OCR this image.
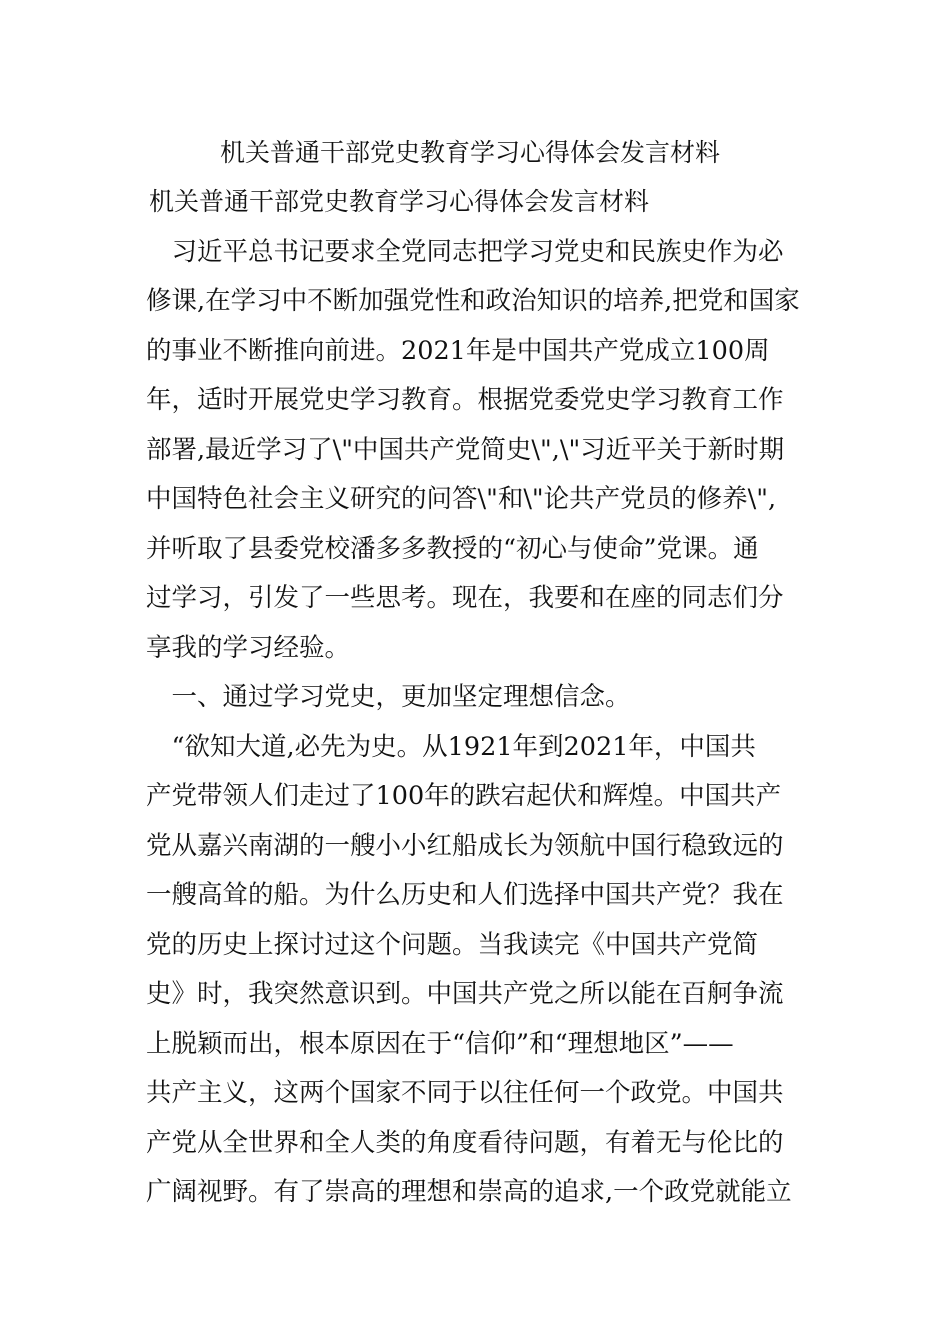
机关普通干部党史教育学习心得体会发言材料
机关普通干部党史教育学习心得体会发言材料

　习近平总书记要求全党同志把学习党史和民族史作为必

修课,在学习中不断加强党性和政治知识的培养,把党和国家

的事业不断推向前进。2021年是中国共产党成立100周

年，适时开展党史学习教育。根据党委党史学习教育工作

部署,最近学习了\"中国共产党简史\",\"习近平关于新时期

中国特色社会主义研究的问答\"和\"论共产党员的修养\",

并听取了县委党校潘多多教授的“初心与使命”党课。通

过学习，引发了一些思考。现在，我要和在座的同志们分

享我的学习经验。

　一、通过学习党史，更加坚定理想信念。

　“欲知大道,必先为史。从1921年到2021年，中国共

产党带领人们走过了100年的跌宕起伏和辉煌。中国共产

党从嘉兴南湖的一艘小小红船成长为领航中国行稳致远的

一艘高耸的船。为什么历史和人们选择中国共产党？我在

党的历史上探讨过这个问题。当我读完《中国共产党简

史》时，我突然意识到。中国共产党之所以能在百舸争流

上脱颖而出，根本原因在于“信仰”和“理想地区”——

共产主义，这两个国家不同于以往任何一个政党。中国共

产党从全世界和全人类的角度看待问题，有着无与伦比的

广阔视野。有了崇高的理想和崇高的追求,一个政党就能立
